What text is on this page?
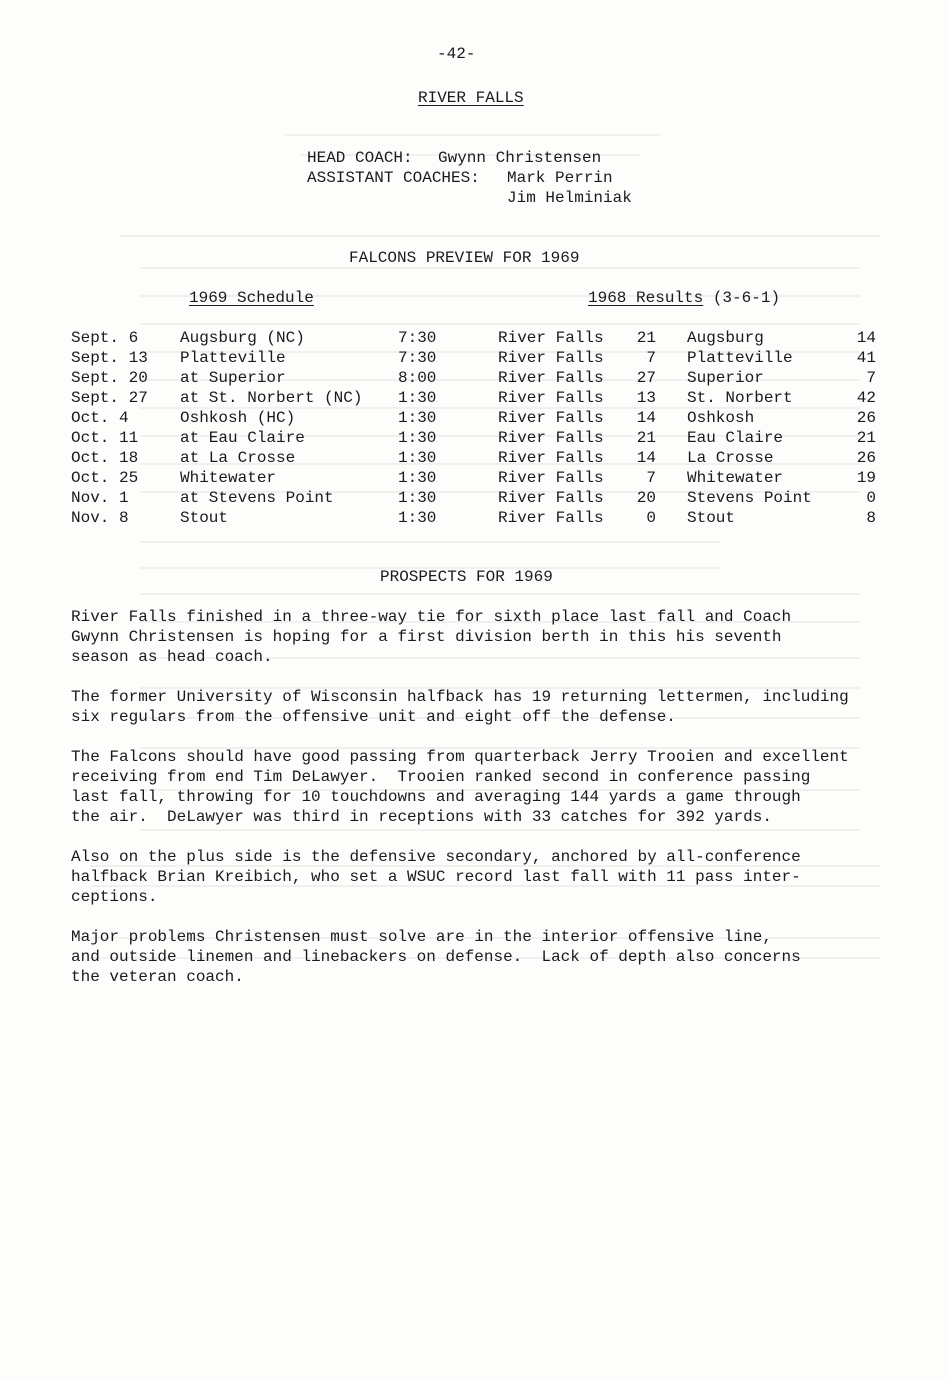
-42-
RIVER FALLS
HEAD COACH: Gwynn Christensen
ASSISTANT COACHES: Mark Perrin
Jim Helminiak
FALCONS PREVIEW FOR 1969
1969 Schedule	1968 Results (3-6-1)
Sept. 6	Augsburg (NC)	7:30	River Falls	21 Augsburg	14
Sept. 13 Platteville	7:30	River Falls	7 Platteville	41
Sept. 20 at Superior	8:00	River Falls	27 Superior	7
Sept. 27 at St. Norbert (NC) 1:30	River Falls	13 St. Norbert	42
Oct. 4	Oshkosh (HC)	1:30	River Falls	14 Oshkosh	26
Oct. 11	at Eau Claire	1:30	River Falls	21 Eau Claire	21
Oct. 18	at La Crosse	1:30	River Falls	14 La Crosse	26
Oct. 25	Whitewater	1:30	River Falls	7 Whitewater	19
Nov. 1	at Stevens Point	1:30	River Falls	20 Stevens Point	0
Nov. 8	Stout	1:30	River Falls	0 Stout	8
PROSPECTS FOR 1969
River Falls finished in a three-way tie for sixth place last fall and Coach
Gwynn Christensen is hoping for a first division berth in this his seventh
season as head coach.
The former University of Wisconsin halfback has 19 returning lettermen, including
six regulars from the offensive unit and eight off the defense.
The Falcons should have good passing from quarterback Jerry Trooien and excellent
receiving from end Tim DeLawyer.  Trooien ranked second in conference passing
last fall, throwing for 10 touchdowns and averaging 144 yards a game through
the air.  DeLawyer was third in receptions with 33 catches for 392 yards.
Also on the plus side is the defensive secondary, anchored by all-conference
halfback Brian Kreibich, who set a WSUC record last fall with 11 pass inter-
ceptions.
Major problems Christensen must solve are in the interior offensive line,
and outside linemen and linebackers on defense.  Lack of depth also concerns
the veteran coach.
